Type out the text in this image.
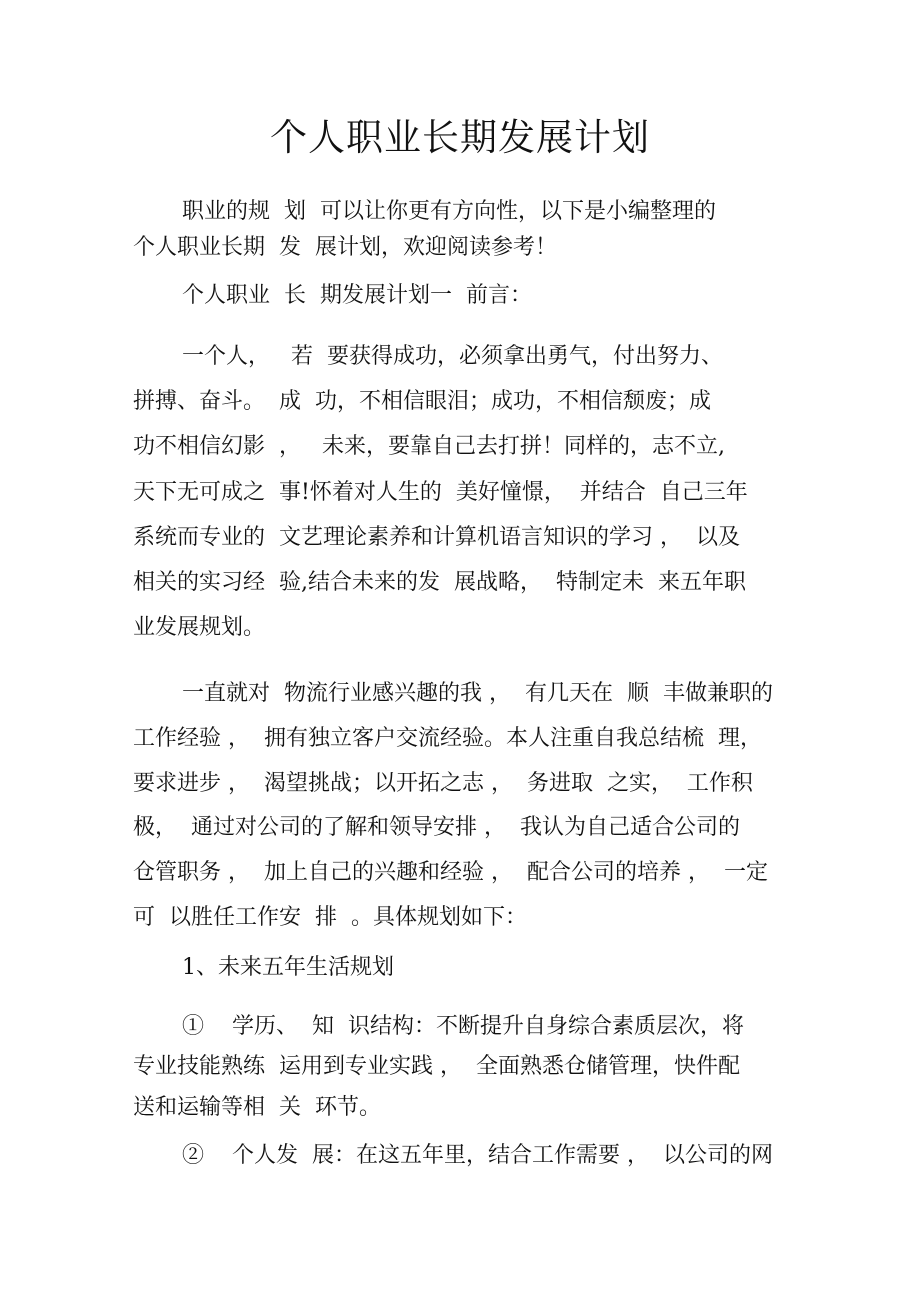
个人职业长期发展计划
职业的规  划  可以让你更有方向性，以下是小编整理的
个人职业长期  发  展计划，欢迎阅读参考！
个人职业  长  期发展计划一  前言：
一个人，   若  要获得成功，必须拿出勇气，付出努力、
拼搏、奋斗。  成  功，不相信眼泪；成功，不相信颓废；成
功不相信幻影  ，   未来，要靠自己去打拼！同样的，志不立,
天下无可成之  事!怀着对人生的  美好憧憬，  并结合  自己三年
系统而专业的  文艺理论素养和计算机语言知识的学习 ，  以及
相关的实习经  验,结合未来的发  展战略，  特制定未  来五年职
业发展规划。
一直就对  物流行业感兴趣的我 ，  有几天在  顺  丰做兼职的
工作经验 ，  拥有独立客户交流经验。本人注重自我总结梳  理，
要求进步 ，  渴望挑战；以开拓之志 ，  务进取  之实，  工作积
极，  通过对公司的了解和领导安排 ，  我认为自己适合公司的
仓管职务 ，  加上自己的兴趣和经验 ，  配合公司的培养 ，  一定
可  以胜任工作安  排  。具体规划如下：
1、未来五年生活规划
①    学历、  知  识结构：不断提升自身综合素质层次，将
专业技能熟练  运用到专业实践 ，  全面熟悉仓储管理，快件配
送和运输等相  关  环节。
②    个人发  展：在这五年里，结合工作需要 ，  以公司的网
